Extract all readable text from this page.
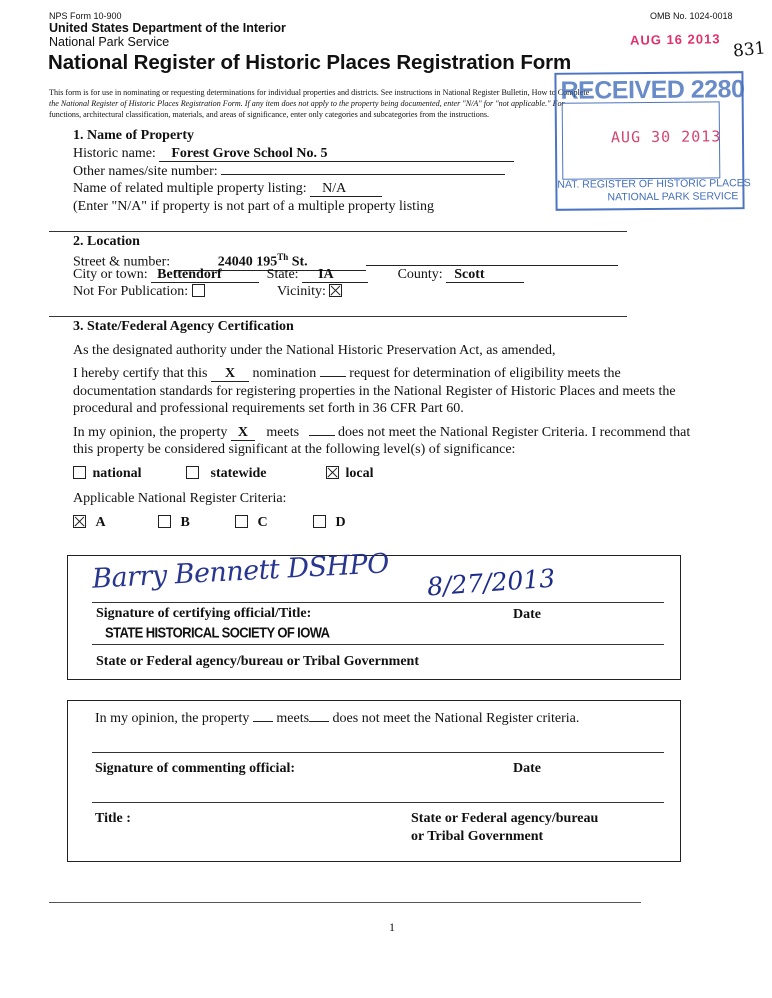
NPS Form 10-900
United States Department of the Interior
National Park Service
OMB No. 1024-0018
National Register of Historic Places Registration Form
This form is for use in nominating or requesting determinations for individual properties and districts. See instructions in National Register Bulletin, How to Complete
the National Register of Historic Places Registration Form. If any item does not apply to the property being documented, enter "N/A" for "not applicable." For
functions, architectural classification, materials, and areas of significance, enter only categories and subcategories from the instructions.
AUG 16 2013 831
RECEIVED 2280
AUG 30 2013
NAT. REGISTER OF HISTORIC PLACES
NATIONAL PARK SERVICE
1. Name of Property
Historic name: Forest Grove School No. 5
Other names/site number:
Name of related multiple property listing: N/A
(Enter "N/A" if property is not part of a multiple property listing
2. Location
Street & number:	24040 195Th St.
City or town: Bettendorf	State: IA	County: Scott
Not For Publication:	Vicinity:
3. State/Federal Agency Certification
As the designated authority under the National Historic Preservation Act, as amended,
I hereby certify that this X nomination request for determination of eligibility meets the
documentation standards for registering properties in the National Register of Historic Places and meets the
procedural and professional requirements set forth in 36 CFR Part 60.
In my opinion, the property X meets	does not meet the National Register Criteria. I recommend that
this property be considered significant at the following level(s) of significance:
national	statewide	local
Applicable National Register Criteria:
A	B	C	D
Barry Bennett DSHPO 8/27/2013
Signature of certifying official/Title:	Date
STATE HISTORICAL SOCIETY OF IOWA
State or Federal agency/bureau or Tribal Government
In my opinion, the property meets does not meet the National Register criteria.
Signature of commenting official:	Date
Title :	State or Federal agency/bureau
or Tribal Government
1
